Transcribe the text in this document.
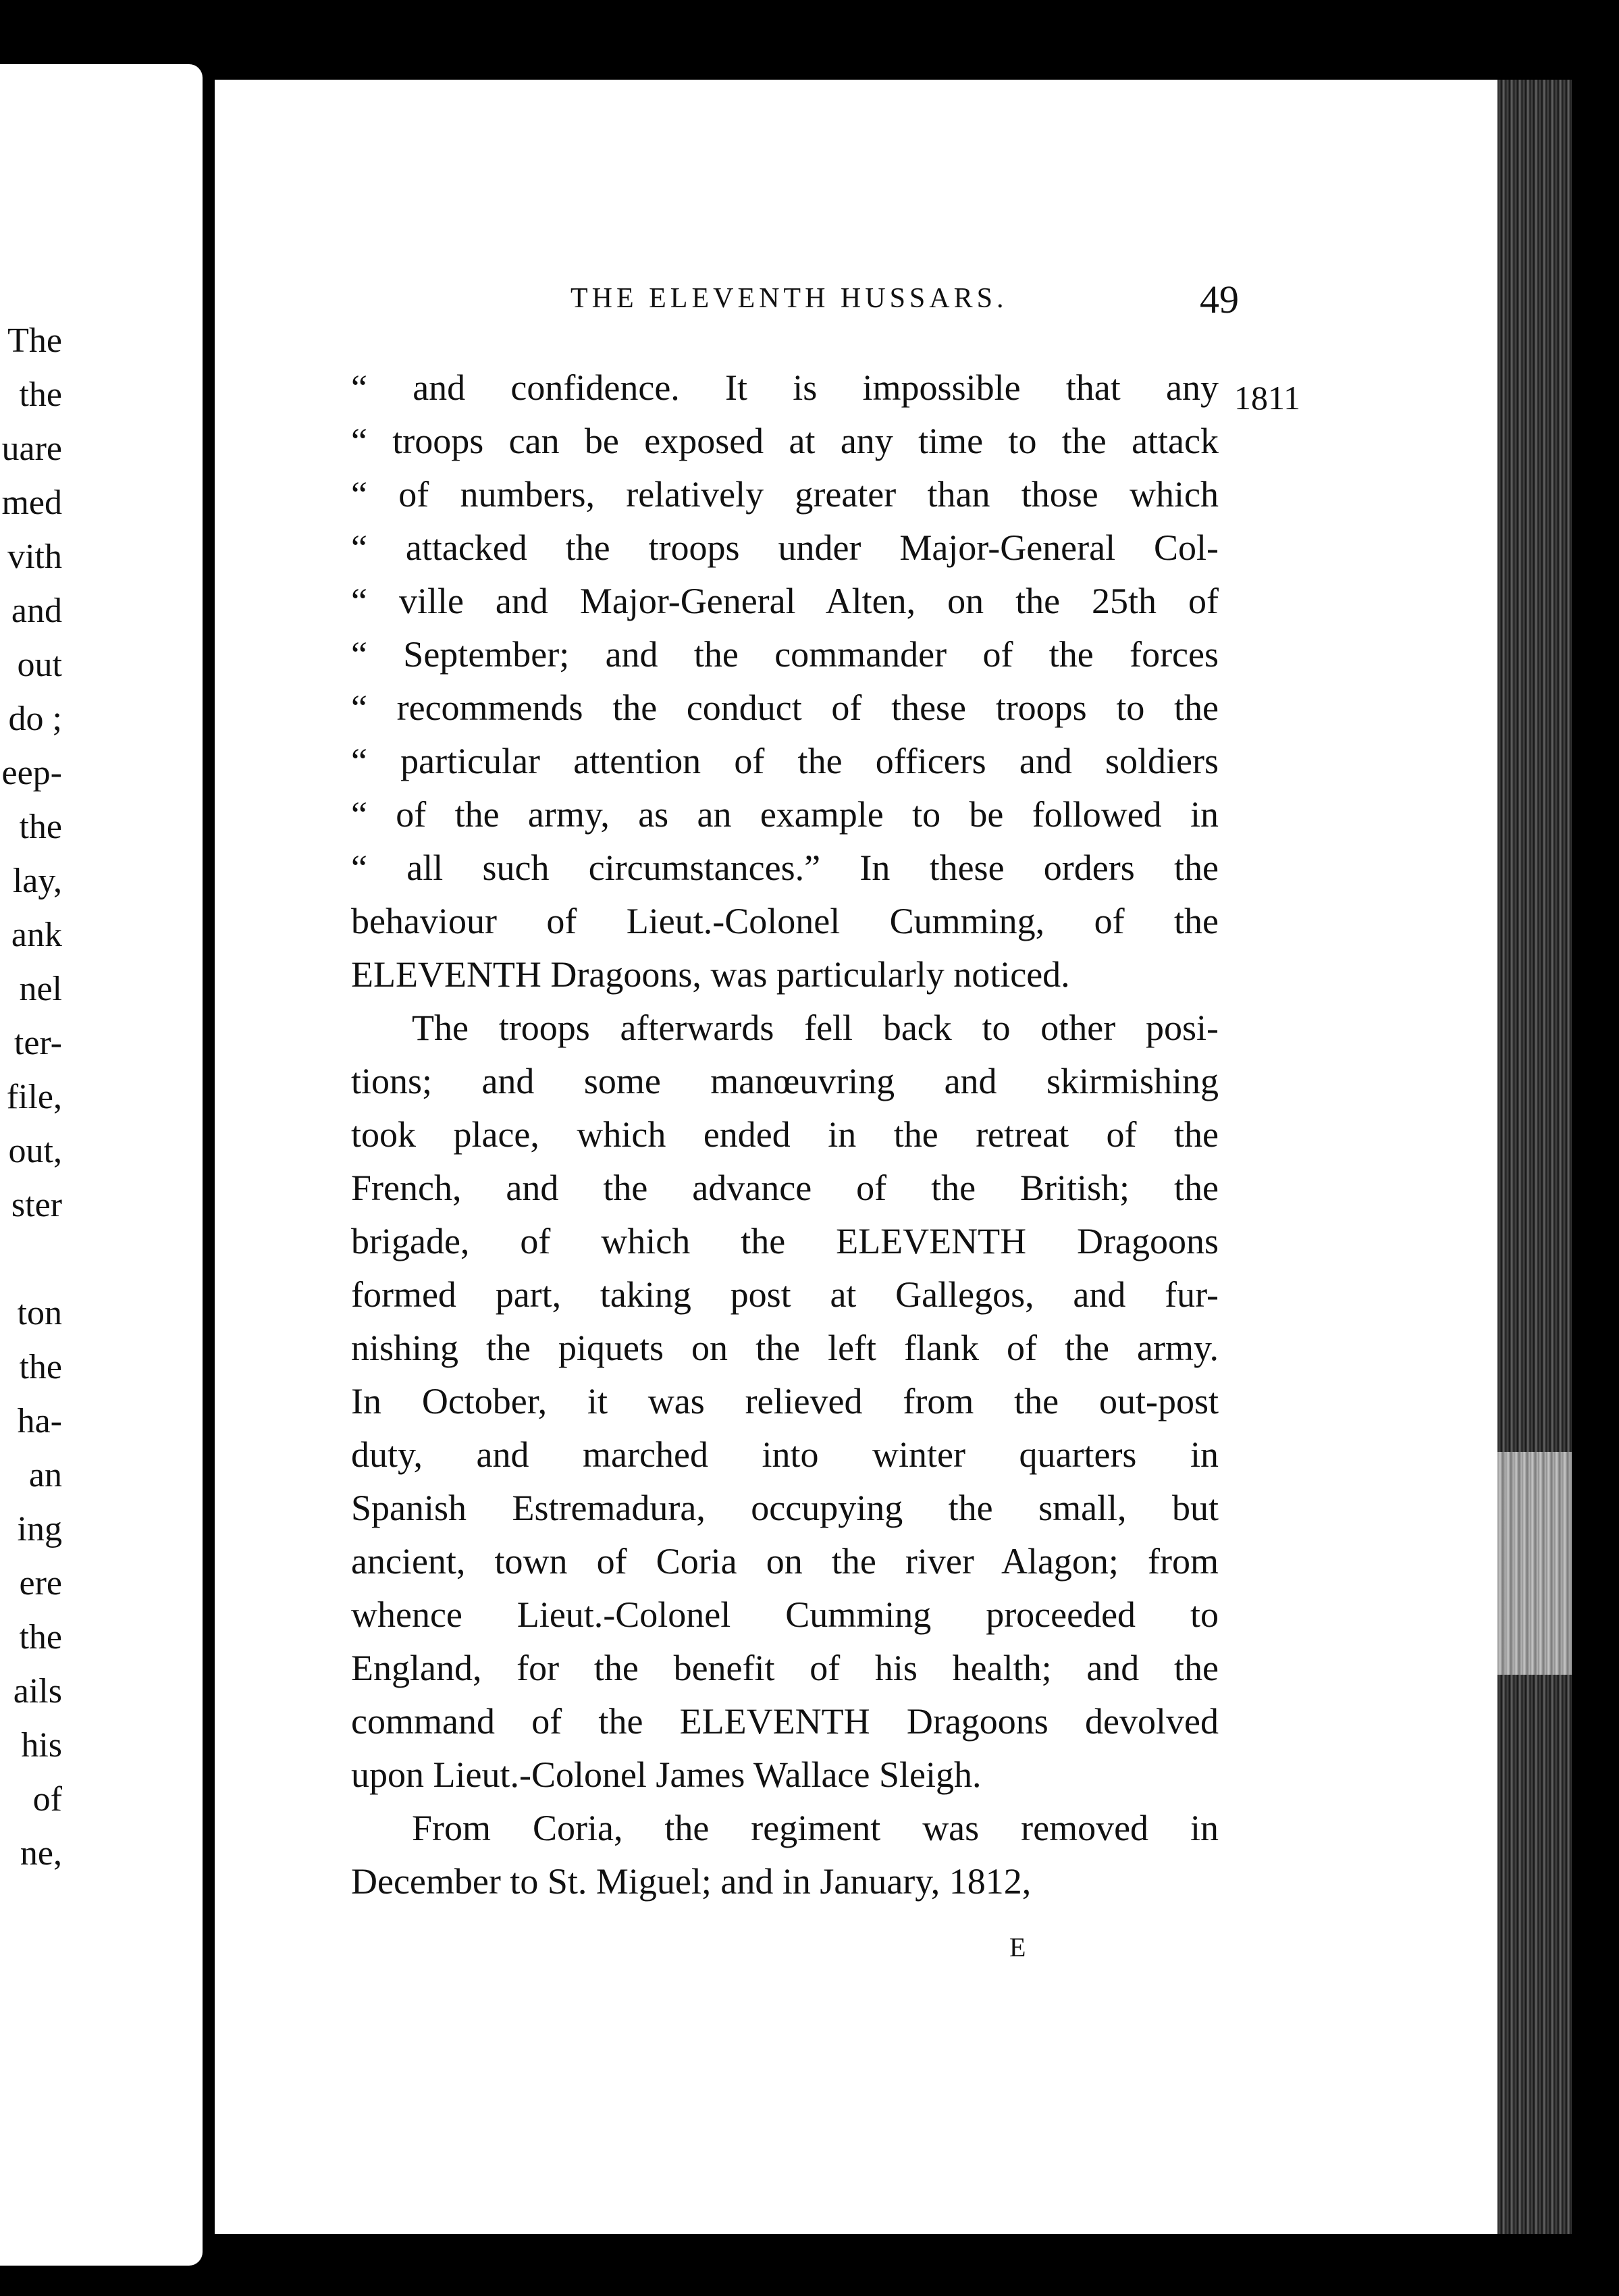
The
the
uare
med
vith
and
out
do ;
eep-
the
lay,
ank
nel
ter-
file,
out,
ster
ton
the
ha-
an
ing
ere
the
ails
his
of
ne,
THE ELEVENTH HUSSARS.	49
1811
“ and confidence. It is impossible that any
“ troops can be exposed at any time to the attack
“ of numbers, relatively greater than those which
“ attacked the troops under Major-General Col-
“ ville and Major-General Alten, on the 25th of
“ September; and the commander of the forces
“ recommends the conduct of these troops to the
“ particular attention of the officers and soldiers
“ of the army, as an example to be followed in
“ all such circumstances.” In these orders the
behaviour of Lieut.-Colonel Cumming, of the
ELEVENTH Dragoons, was particularly noticed.
The troops afterwards fell back to other posi-
tions; and some manœuvring and skirmishing
took place, which ended in the retreat of the
French, and the advance of the British; the
brigade, of which the ELEVENTH Dragoons
formed part, taking post at Gallegos, and fur-
nishing the piquets on the left flank of the army.
In October, it was relieved from the out-post
duty, and marched into winter quarters in
Spanish Estremadura, occupying the small, but
ancient, town of Coria on the river Alagon; from
whence Lieut.-Colonel Cumming proceeded to
England, for the benefit of his health; and the
command of the ELEVENTH Dragoons devolved
upon Lieut.-Colonel James Wallace Sleigh.
From Coria, the regiment was removed in
December to St. Miguel; and in January, 1812,
E
